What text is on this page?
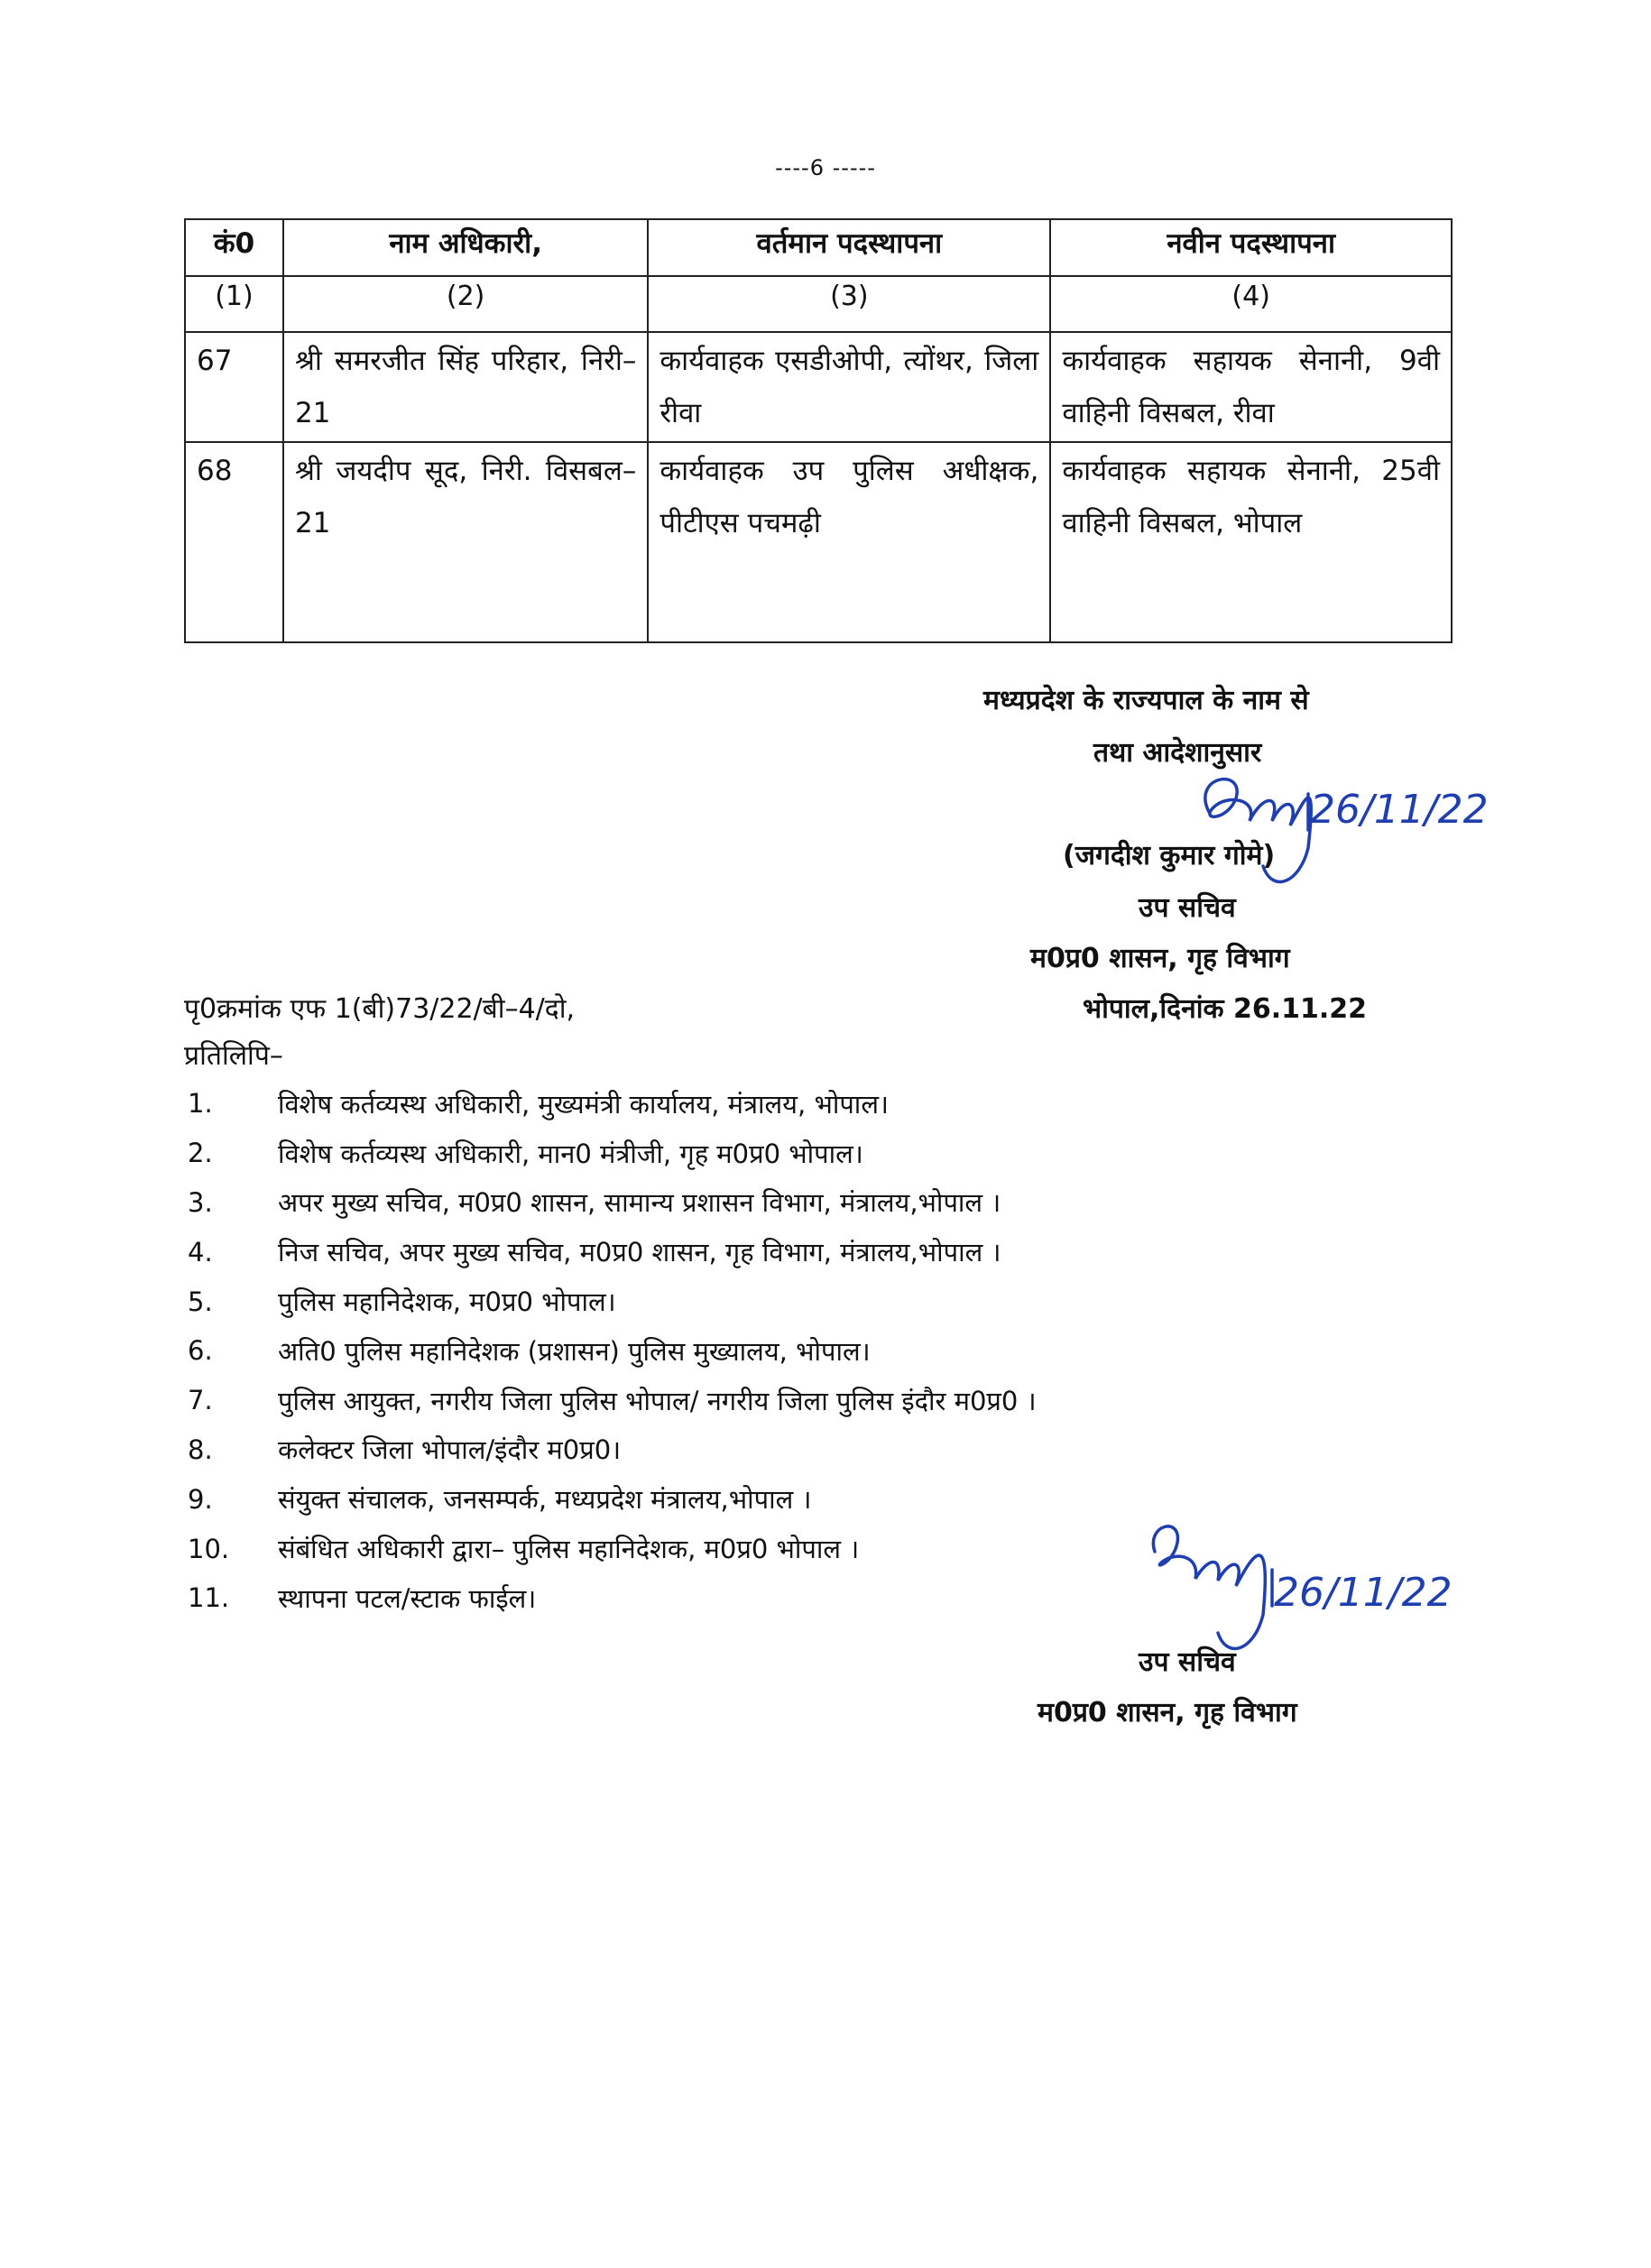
----6 -----
कं0	नाम अधिकारी,	वर्तमान पदस्थापना	नवीन पदस्थापना
(1)	(2)	(3)	(4)
67	श्री समरजीत सिंह परिहार, निरी–21	कार्यवाहक एसडीओपी, त्योंथर, जिला रीवा	कार्यवाहक सहायक सेनानी, 9वी वाहिनी विसबल, रीवा
68	श्री जयदीप सूद, निरी. विसबल–21	कार्यवाहक उप पुलिस अधीक्षक, पीटीएस पचमढ़ी	कार्यवाहक सहायक सेनानी, 25वी वाहिनी विसबल, भोपाल
मध्यप्रदेश के राज्यपाल के नाम से
तथा आदेशानुसार
26/11/22
(जगदीश कुमार गोमे)
उप सचिव
म0प्र0 शासन, गृह विभाग
पृ0क्रमांक एफ 1(बी)73/22/बी–4/दो,	भोपाल,दिनांक 26.11.22
प्रतिलिपि–
1.	विशेष कर्तव्यस्थ अधिकारी, मुख्यमंत्री कार्यालय, मंत्रालय, भोपाल।
2.	विशेष कर्तव्यस्थ अधिकारी, मान0 मंत्रीजी, गृह म0प्र0 भोपाल।
3.	अपर मुख्य सचिव, म0प्र0 शासन, सामान्य प्रशासन विभाग, मंत्रालय,भोपाल ।
4.	निज सचिव, अपर मुख्य सचिव, म0प्र0 शासन, गृह विभाग, मंत्रालय,भोपाल ।
5.	पुलिस महानिदेशक, म0प्र0 भोपाल।
6.	अति0 पुलिस महानिदेशक (प्रशासन) पुलिस मुख्यालय, भोपाल।
7.	पुलिस आयुक्त, नगरीय जिला पुलिस भोपाल/ नगरीय जिला पुलिस इंदौर म0प्र0 ।
8.	कलेक्टर जिला भोपाल/इंदौर म0प्र0।
9.	संयुक्त संचालक, जनसम्पर्क, मध्यप्रदेश मंत्रालय,भोपाल ।
10.	संबंधित अधिकारी द्वारा– पुलिस महानिदेशक, म0प्र0 भोपाल ।
11.	स्थापना पटल/स्टाक फाईल।	26/11/22
उप सचिव
म0प्र0 शासन, गृह विभाग
